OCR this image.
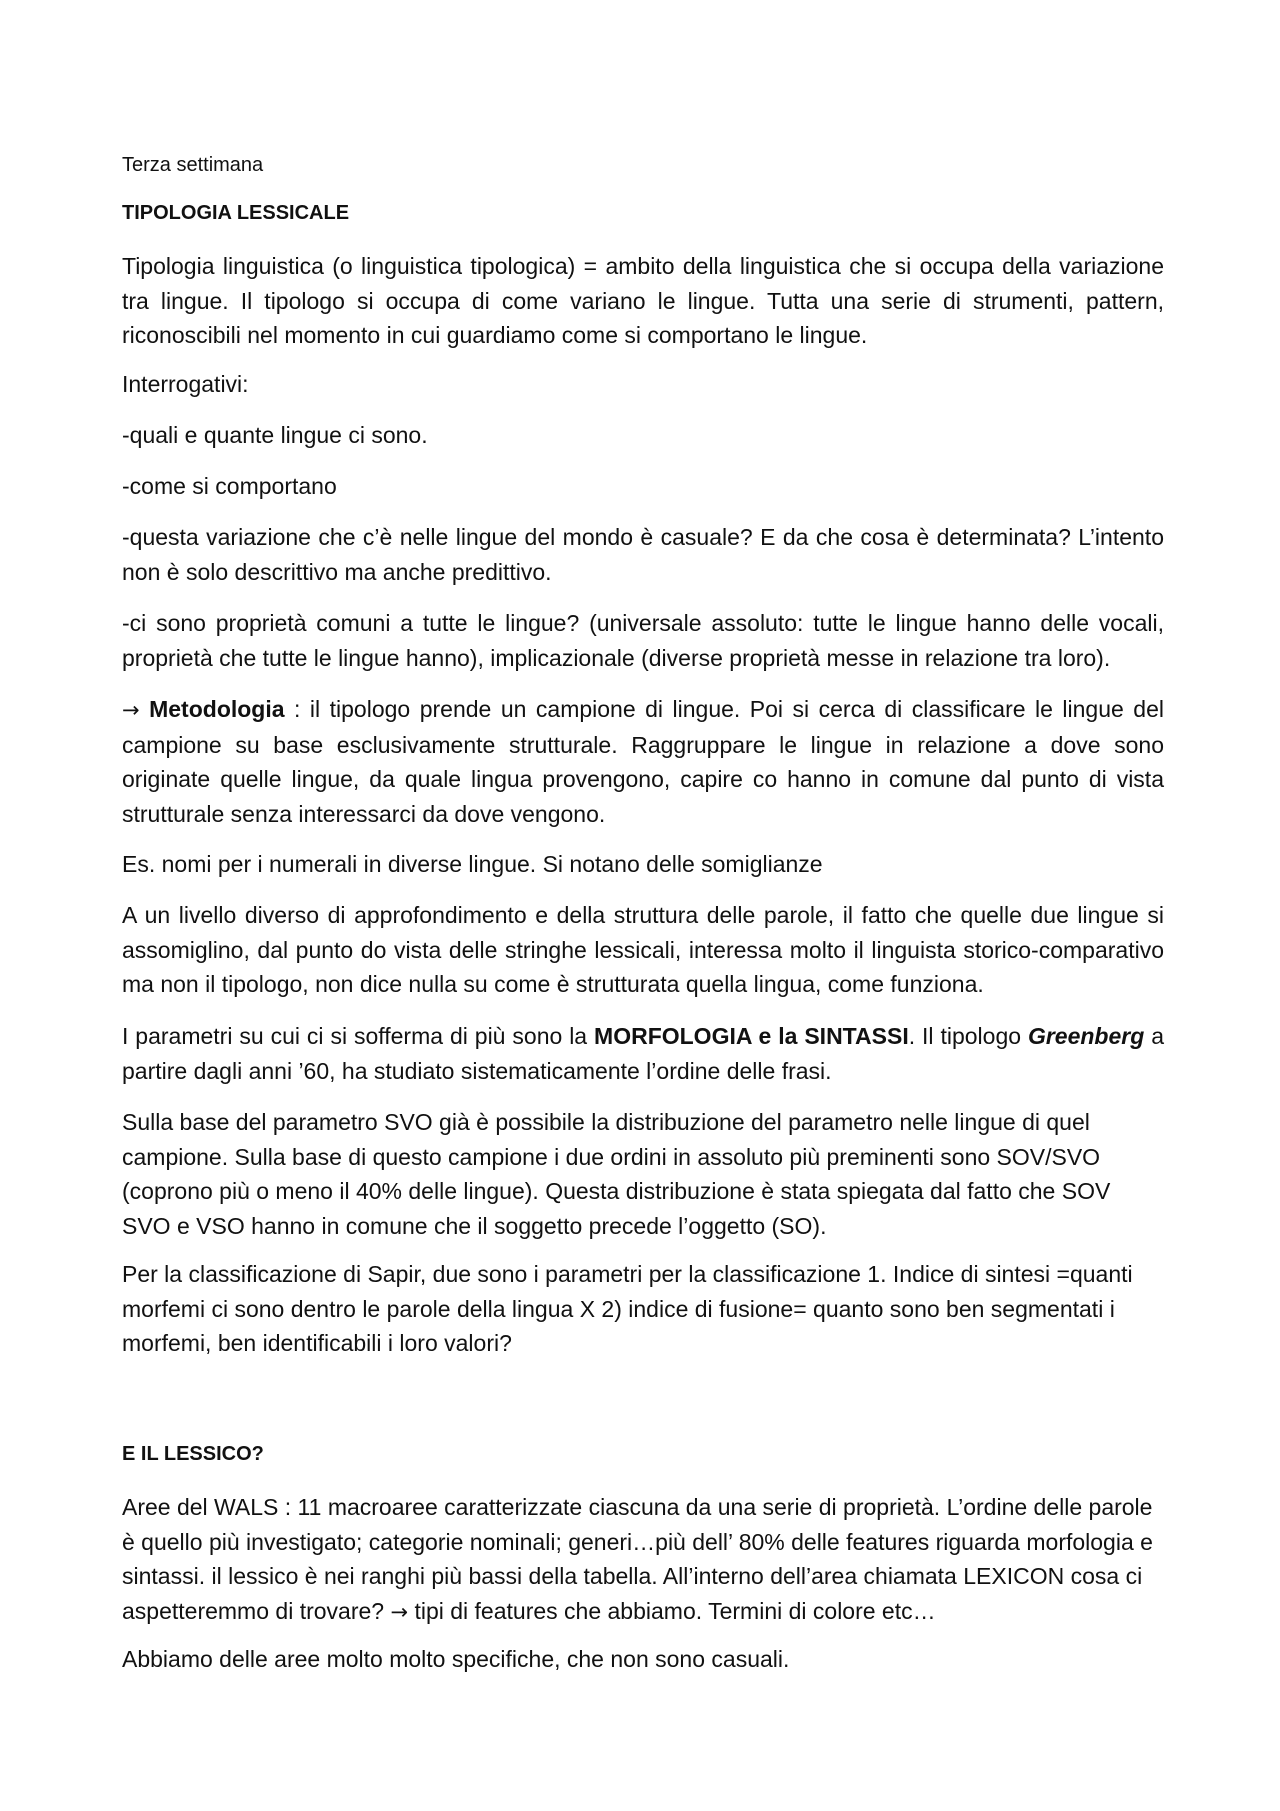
Terza settimana

TIPOLOGIA LESSICALE

Tipologia linguistica (o linguistica tipologica) = ambito della linguistica che si occupa della variazione tra lingue. Il tipologo si occupa di come variano le lingue. Tutta una serie di strumenti, pattern, riconoscibili nel momento in cui guardiamo come si comportano le lingue.

Interrogativi:

-quali e quante lingue ci sono.

-come si comportano

-questa variazione che c’è nelle lingue del mondo è casuale? E da che cosa è determinata? L’intento non è solo descrittivo ma anche predittivo.

-ci sono proprietà comuni a tutte le lingue? (universale assoluto: tutte le lingue hanno delle vocali, proprietà che tutte le lingue hanno), implicazionale (diverse proprietà messe in relazione tra loro).

→ Metodologia : il tipologo prende un campione di lingue. Poi si cerca di classificare le lingue del campione su base esclusivamente strutturale. Raggruppare le lingue in relazione a dove sono originate quelle lingue, da quale lingua provengono, capire co hanno in comune dal punto di vista strutturale senza interessarci da dove vengono.

Es. nomi per i numerali in diverse lingue. Si notano delle somiglianze

A un livello diverso di approfondimento e della struttura delle parole, il fatto che quelle due lingue si assomiglino, dal punto do vista delle stringhe lessicali, interessa molto il linguista storico-comparativo ma non il tipologo, non dice nulla su come è strutturata quella lingua, come funziona.

I parametri su cui ci si sofferma di più sono la MORFOLOGIA e la SINTASSI. Il tipologo Greenberg a partire dagli anni ’60, ha studiato sistematicamente l’ordine delle frasi.

Sulla base del parametro SVO già è possibile la distribuzione del parametro nelle lingue di quel campione. Sulla base di questo campione i due ordini in assoluto più preminenti sono SOV/SVO (coprono più o meno il 40% delle lingue). Questa distribuzione è stata spiegata dal fatto che SOV SVO e VSO hanno in comune che il soggetto precede l’oggetto (SO).

Per la classificazione di Sapir, due sono i parametri per la classificazione 1. Indice di sintesi =quanti morfemi ci sono dentro le parole della lingua X 2) indice di fusione= quanto sono ben segmentati i morfemi, ben identificabili i loro valori?

E IL LESSICO?

Aree del WALS : 11 macroaree caratterizzate ciascuna da una serie di proprietà. L’ordine delle parole è quello più investigato; categorie nominali; generi…più dell’ 80% delle features riguarda morfologia e sintassi. il lessico è nei ranghi più bassi della tabella. All’interno dell’area chiamata LEXICON cosa ci aspetteremmo di trovare? → tipi di features che abbiamo. Termini di colore etc…

Abbiamo delle aree molto molto specifiche, che non sono casuali.
